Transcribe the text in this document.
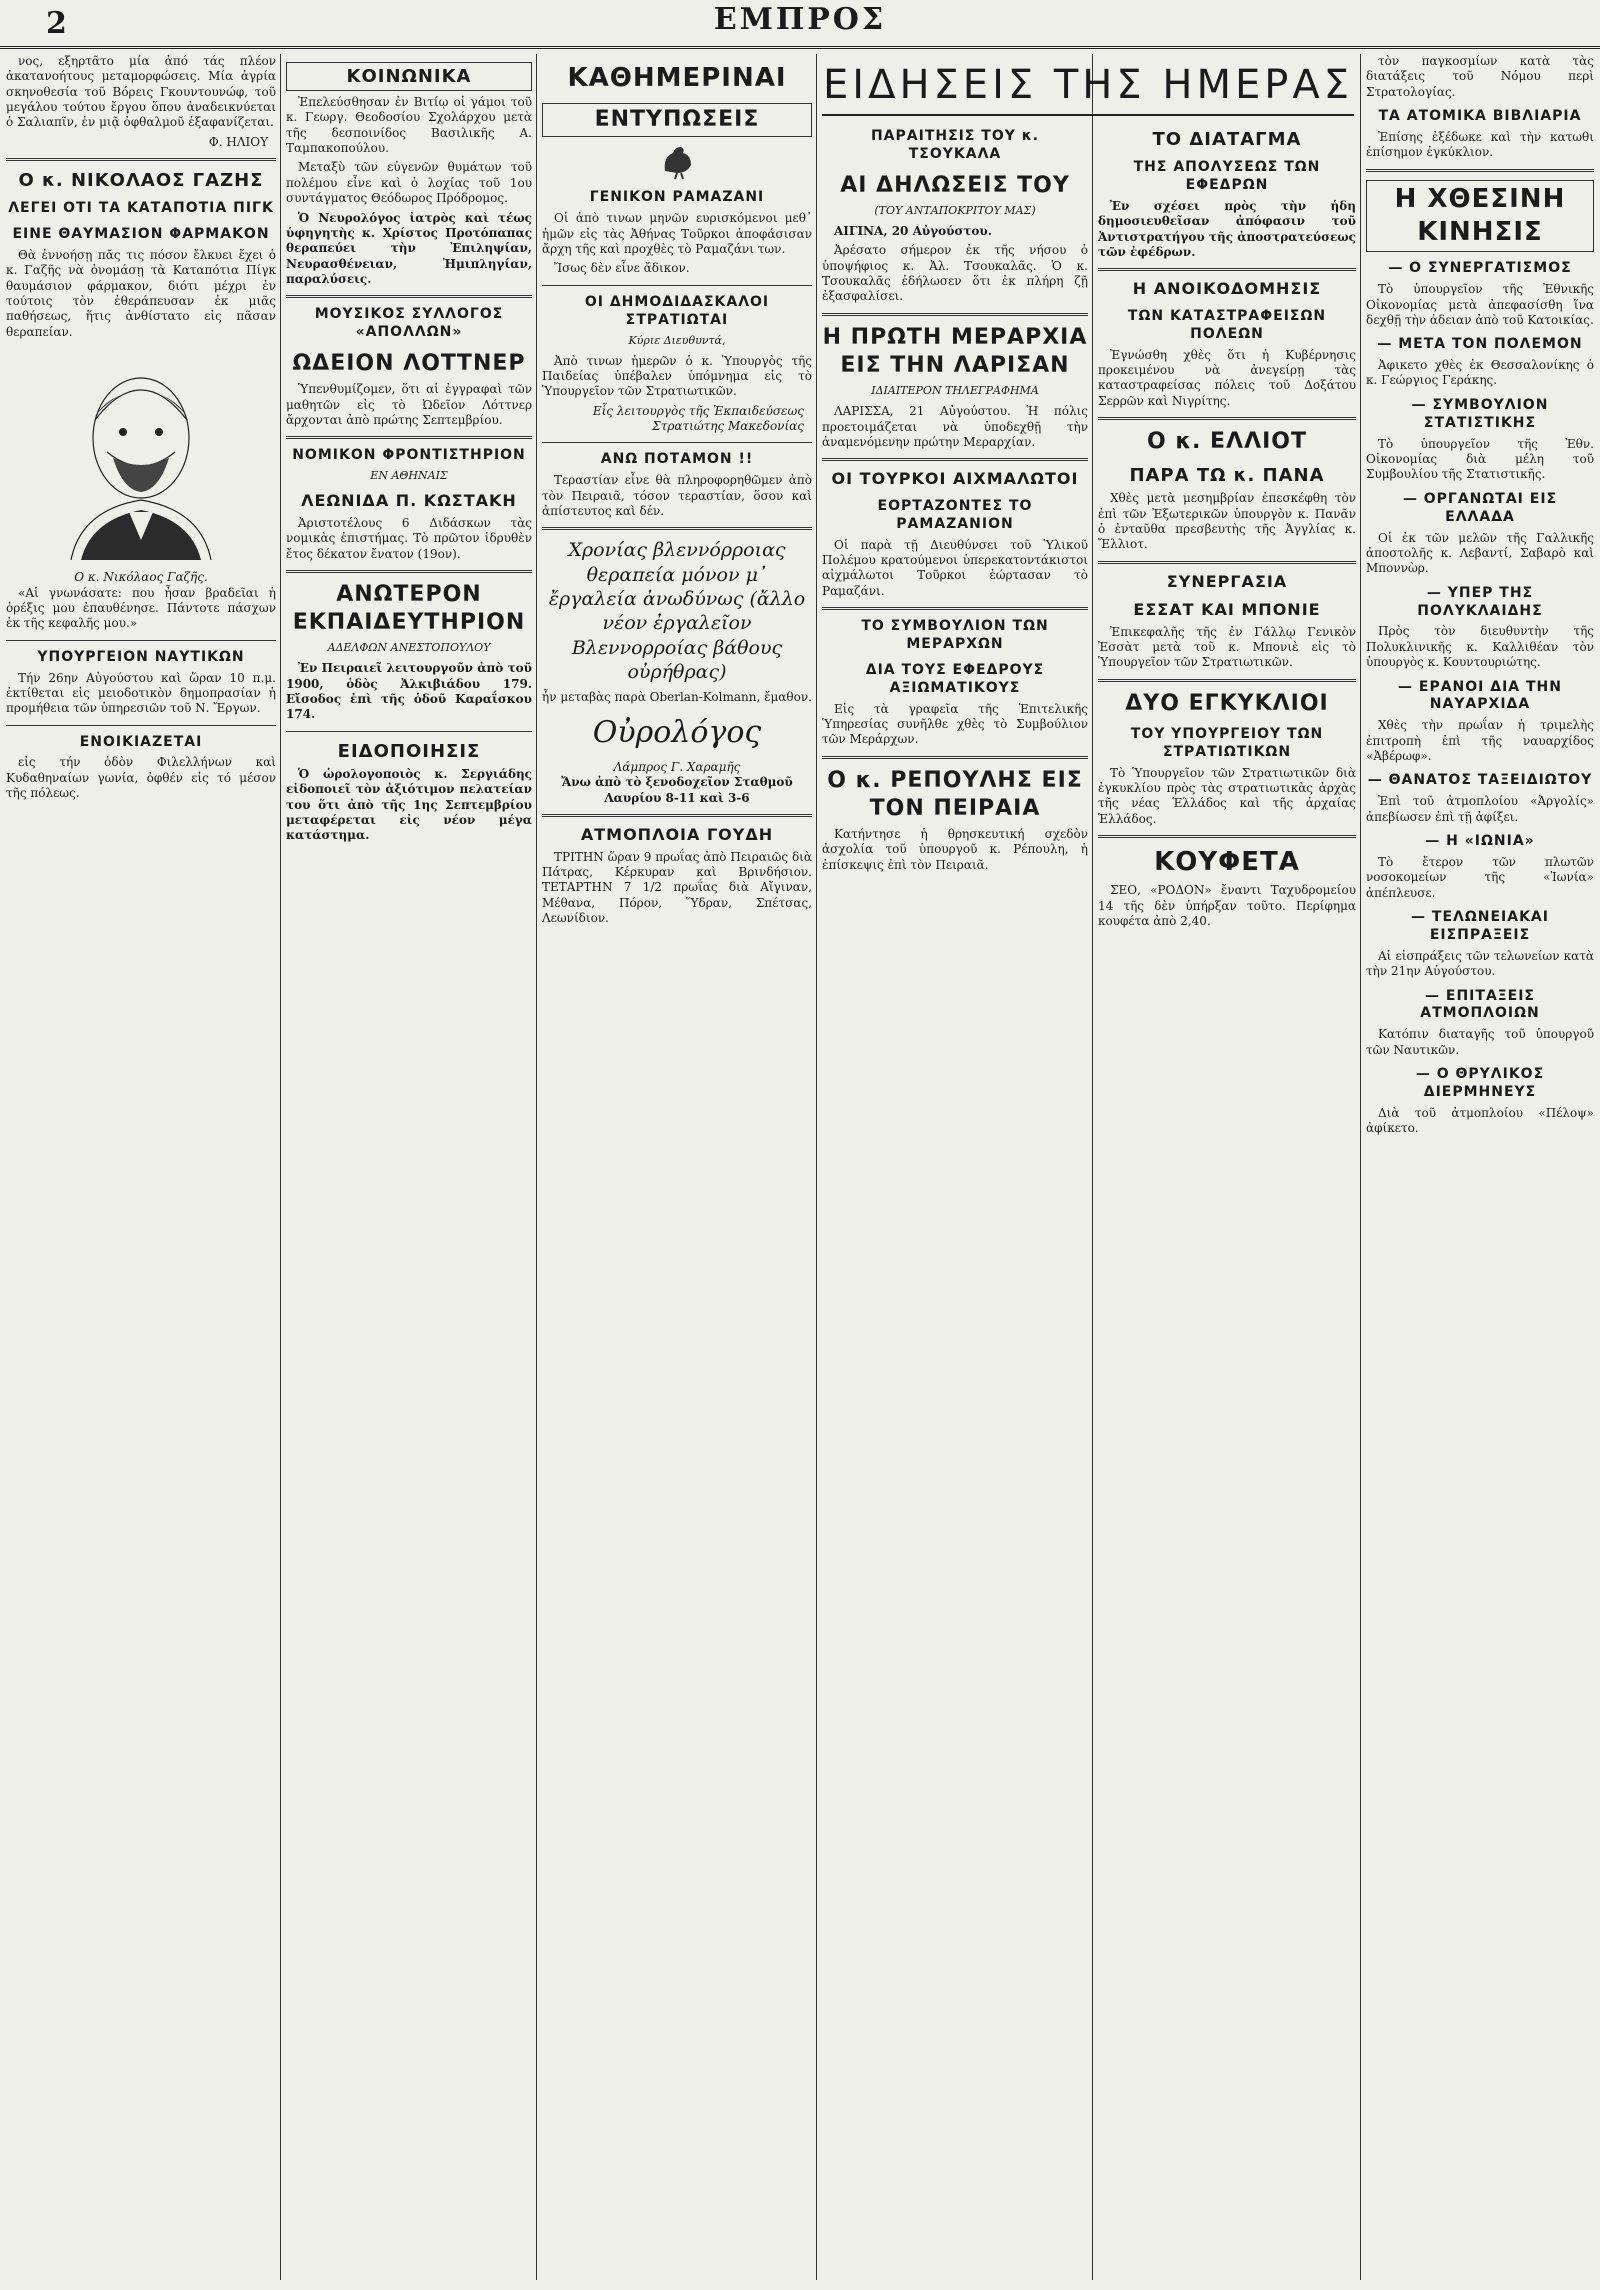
2	ΕΜΠΡΟΣ

νος, εξηρτᾶτο μία ἀπό τάς πλέον ἀκατανοήτους μεταμορφώσεις. Μία ἀγρία σκηνοθεσία τοῦ Βόρεις Γκουντουνώφ, τοῦ μεγάλου τούτου ἔργου ὅπου ἀναδεικνύεται ὁ Σαλιαπῖν, ἐν μιᾷ ὀφθαλμοῦ ἐξαφανίζεται.

Φ. ΗΛΙΟΥ
Ο κ. ΝΙΚΟΛΑΟΣ ΓΑΖΗΣ
ΛΕΓΕΙ ΟΤΙ ΤΑ ΚΑΤΑΠΟΤΙΑ ΠΙΓΚ
ΕΙΝΕ ΘΑΥΜΑΣΙΟΝ ΦΑΡΜΑΚΟΝ

Θὰ ἐννοήσῃ πᾶς τις πόσον ἔλκυει ἔχει ὁ κ. Γαζῆς νὰ ὁνομάσῃ τὰ Καταπότια Πίγκ θαυμάσιον φάρμακον, διότι μέχρι ἐν τούτοις τὸν ἐθεράπευσαν ἐκ μιᾶς παθήσεως, ἥτις ἀνθίστατο εἰς πᾶσαν θεραπείαν.

Ο κ. Νικόλαος Γαζῆς.

«Αἱ γνωνάσατε: που ἦσαν βραδεῖαι ἡ ὀρέξις μου ἐπαυθένησε. Πάντοτε πάσχων ἐκ τῆς κεφαλῆς μου.»

ΥΠΟΥΡΓΕΙΟΝ ΝΑΥΤΙΚΩΝ

Τήν 26ην Αὐγούστου καὶ ὥραν 10 π.μ. ἐκτίθεται εἰς μειοδοτικὸν δημοπρασίαν ἡ προμήθεια τῶν ὑπηρεσιῶν τοῦ Ν. Ἔργων.

ΕΝΟΙΚΙΑΖΕΤΑΙ

εἰς τήν ὁδὸν Φιλελλήνων καὶ Κυδαθηναίων γωνία, ὀφθέν εἰς τό μέσον τῆς πόλεως.

ΚΟΙΝΩΝΙΚΑ

Ἐπελεύσθησαν ἐν Βιτίῳ οἱ γάμοι τοῦ κ. Γεωργ. Θεοδοσίου Σχολάρχου μετὰ τῆς δεσποινίδος Βασιλικῆς Α. Ταμπακοπούλου.

Μεταξὺ τῶν εὐγενῶν θυμάτων τοῦ πολέμου εἶνε καὶ ὁ λοχίας τοῦ 1ου συντάγματος Θεόδωρος Πρόδρομος.

Ὁ Νευρολόγος ἰατρὸς καὶ τέως ὑφηγητὴς κ. Χρίστος Προτόπαπας θεραπεύει τὴν Ἐπιληψίαν, Νευρασθένειαν, Ἠμιπληγίαν, παραλύσεις.

ΜΟΥΣΙΚΟΣ ΣΥΛΛΟΓΟΣ «ΑΠΟΛΛΩΝ»
ΩΔΕΙΟΝ ΛΟΤΤΝΕΡ

Ὑπενθυμίζομεν, ὅτι αἱ ἐγγραφαὶ τῶν μαθητῶν εἰς τὸ Ὠδεῖον Λόττνερ ἄρχονται ἀπὸ πρώτης Σεπτεμβρίου.

ΝΟΜΙΚΟΝ ΦΡΟΝΤΙΣΤΗΡΙΟΝ
ΕΝ ΑΘΗΝΑΙΣ
ΛΕΩΝΙΔΑ Π. ΚΩΣΤΑΚΗ

Ἀριστοτέλους 6 Διδάσκων τὰς νομικὰς ἐπιστήμας. Τὸ πρῶτον ἱδρυθὲν ἔτος δέκατον ἔνατον (19ον).

ΑΝΩΤΕΡΟΝ ΕΚΠΑΙΔΕΥΤΗΡΙΟΝ
ΑΔΕΛΦΩΝ ΑΝΕΣΤΟΠΟΥΛΟΥ

Ἐν Πειραιεῖ λειτουργοῦν ἀπὸ τοῦ 1900, ὁδὸς Ἀλκιβιάδου 179. Εἴσοδος ἐπὶ τῆς ὁδοῦ Καραΐσκου 174.

ΕΙΔΟΠΟΙΗΣΙΣ

Ὁ ὡρολογοποιὸς κ. Σεργιάδης εἰδοποιεῖ τὸν ἀξιότιμον πελατείαν του ὅτι ἀπὸ τῆς 1ης Σεπτεμβρίου μεταφέρεται εἰς νέον μέγα κατάστημα.

ΚΑΘΗΜΕΡΙΝΑΙ
ΕΝΤΥΠΩΣΕΙΣ
ΓΕΝΙΚΟΝ ΡΑΜΑΖΑΝΙ

Οἱ ἀπὸ τινων μηνῶν ευρισκόμενοι μεθ᾽ ἡμῶν εἰς τὰς Ἀθήνας Τοῦρκοι ἀποφάσισαν ἄρχη τῆς καὶ προχθὲς τὸ Ραμαζάνι των.

Ἴσως δὲν εἶνε ἄδικον.

ΟΙ ΔΗΜΟΔΙΔΑΣΚΑΛΟΙ ΣΤΡΑΤΙΩΤΑΙ
Κύριε Διευθυντά,

Ἀπὸ τινων ἡμερῶν ὁ κ. Ὑπουργὸς τῆς Παιδείας ὑπέβαλεν ὑπόμνημα εἰς τὸ Ὑπουργεῖον τῶν Στρατιωτικῶν.

Εἷς λειτουργὸς τῆς Ἐκπαιδεύσεως Στρατιώτης Μακεδονίας
ΑΝΩ ΠΟΤΑΜΟΝ !!

Τεραστίαν εἶνε θὰ πληροφορηθῶμεν ἀπὸ τὸν Πειραιᾶ, τόσον τεραστίαν, ὅσον καὶ ἀπίστευτος καὶ δέν.

Χρονίας βλεννόρροιας θεραπεία μόνον μ᾽ ἔργαλεία ἀνωδύνως (ἄλλο νέον ἐργαλεῖον Βλεννορροίας βάθους οὐρήθρας)

ἦν μεταβὰς παρὰ Oberlan-Kolmann, ἔμαθον.

Οὐρολόγος
Λάμπρος Γ. Χαραμῆς
Ἄνω ἀπὸ τὸ ξενοδοχεῖον Σταθμοῦ Λαυρίου 8-11 καὶ 3-6
ΑΤΜΟΠΛΟΙΑ ΓΟΥΔΗ

ΤΡΙΤΗΝ ὥραν 9 πρωΐας ἀπὸ Πειραιῶς διὰ Πάτρας, Κέρκυραν καὶ Βρινδήσιον. ΤΕΤΑΡΤΗΝ 7 1/2 πρωΐας διὰ Αἴγιναν, Μέθανα, Πόρον, Ὕδραν, Σπέτσας, Λεωνίδιον.

ΕΙΔΗΣΕΙΣ ΤΗΣ ΗΜΕΡΑΣ
ΠΑΡΑΙΤΗΣΙΣ ΤΟΥ κ. ΤΣΟΥΚΑΛΑ
ΑΙ ΔΗΛΩΣΕΙΣ ΤΟΥ
(ΤΟΥ ΑΝΤΑΠΟΚΡΙΤΟΥ ΜΑΣ)

ΑΙΓΙΝΑ, 20 Αὐγούστου.

Ἀρέσατο σήμερον ἐκ τῆς νήσου ὁ ὑποψήφιος κ. Ἀλ. Τσουκαλᾶς. Ὁ κ. Τσουκαλᾶς ἐδήλωσεν ὅτι ἐκ πλήρη ζῇ ἐξασφαλίσει.

Η ΠΡΩΤΗ ΜΕΡΑΡΧΙΑ ΕΙΣ ΤΗΝ ΛΑΡΙΣΑΝ
ΙΔΙΑΙΤΕΡΟΝ ΤΗΛΕΓΡΑΦΗΜΑ

ΛΑΡΙΣΣΑ, 21 Αὐγούστου. Ἡ πόλις προετοιμάζεται νὰ ὑποδεχθῇ τὴν ἀναμενόμενην πρώτην Μεραρχίαν.

ΟΙ ΤΟΥΡΚΟΙ ΑΙΧΜΑΛΩΤΟΙ
ΕΟΡΤΑΖΟΝΤΕΣ ΤΟ ΡΑΜΑΖΑΝΙΟΝ

Οἱ παρὰ τῇ Διευθύνσει τοῦ Ὑλικοῦ Πολέμου κρατούμενοι ὑπερεκατοντάκιστοι αἰχμάλωτοι Τοῦρκοι ἑώρτασαν τὸ Ραμαζάνι.

ΤΟ ΣΥΜΒΟΥΛΙΟΝ ΤΩΝ ΜΕΡΑΡΧΩΝ
ΔΙΑ ΤΟΥΣ ΕΦΕΔΡΟΥΣ ΑΞΙΩΜΑΤΙΚΟΥΣ

Εἰς τὰ γραφεῖα τῆς Ἐπιτελικῆς Ὑπηρεσίας συνῆλθε χθὲς τὸ Συμβούλιον τῶν Μεράρχων.

Ο κ. ΡΕΠΟΥΛΗΣ ΕΙΣ ΤΟΝ ΠΕΙΡΑΙΑ

Κατήντησε ἡ θρησκευτική σχεδὸν ἀσχολία τοῦ ὑπουργοῦ κ. Ρέπουλη, ἡ ἐπίσκεψις ἐπὶ τὸν Πειραιᾶ.

ΤΟ ΔΙΑΤΑΓΜΑ
ΤΗΣ ΑΠΟΛΥΣΕΩΣ ΤΩΝ ΕΦΕΔΡΩΝ

Ἐν σχέσει πρὸς τὴν ἡδη δημοσιευθεῖσαν ἀπόφασιν τοῦ Ἀντιστρατήγου τῆς ἀποστρατεύσεως τῶν ἐφέδρων.

Η ΑΝΟΙΚΟΔΟΜΗΣΙΣ
ΤΩΝ ΚΑΤΑΣΤΡΑΦΕΙΣΩΝ ΠΟΛΕΩΝ

Ἐγνώσθη χθὲς ὅτι ἡ Κυβέρνησις προκειμένου νὰ ἀνεγείρῃ τὰς καταστραφείσας πόλεις τοῦ Δοξάτου Σερρῶν καὶ Νιγρίτης.

Ο κ. ΕΛΛΙΟΤ
ΠΑΡΑ ΤΩ κ. ΠΑΝΑ

Χθὲς μετὰ μεσημβρίαν ἐπεσκέφθη τὸν ἐπὶ τῶν Ἐξωτερικῶν ὑπουργὸν κ. Πανᾶν ὁ ἐνταῦθα πρεσβευτὴς τῆς Ἀγγλίας κ. Ἔλλιοτ.

ΣΥΝΕΡΓΑΣΙΑ
ΕΣΣΑΤ ΚΑΙ ΜΠΟΝΙΕ

Ἐπικεφαλῆς τῆς ἐν Γάλλῳ Γενικὸν Ἐσσὰτ μετὰ τοῦ κ. Μπονιὲ εἰς τὸ Ὑπουργεῖον τῶν Στρατιωτικῶν.

ΔΥΟ ΕΓΚΥΚΛΙΟΙ
ΤΟΥ ΥΠΟΥΡΓΕΙΟΥ ΤΩΝ ΣΤΡΑΤΙΩΤΙΚΩΝ

Τὸ Ὑπουργεῖον τῶν Στρατιωτικῶν διὰ ἐγκυκλίου πρὸς τὰς στρατιωτικὰς ἀρχὰς τῆς νέας Ἑλλάδος καὶ τῆς ἀρχαίας Ἑλλάδος.

ΚΟΥΦΕΤΑ

ΣΕΟ, «ΡΟΔΟΝ» ἔναντι Ταχυδρομείου 14 τῆς δὲν ὑπήρξαν τοῦτο. Περίφημα κουφέτα ἀπὸ 2,40.

τὸν παγκοσμίων κατὰ τὰς διατάξεις τοῦ Νόμου περὶ Στρατολογίας.

ΤΑ ΑΤΟΜΙΚΑ ΒΙΒΛΙΑΡΙΑ

Ἐπίσης ἐξέδωκε καὶ τὴν κατωθι ἐπίσημον ἐγκύκλιον.

Η ΧΘΕΣΙΝΗ ΚΙΝΗΣΙΣ
— Ο ΣΥΝΕΡΓΑΤΙΣΜΟΣ

Τὸ ὑπουργεῖον τῆς Ἐθνικῆς Οἰκονομίας μετὰ ἀπεφασίσθη ἵνα δεχθῇ τὴν ἀδειαν ἀπὸ τοῦ Κατοικίας.

— ΜΕΤΑ ΤΟΝ ΠΟΛΕΜΟΝ

Ἀφικετο χθὲς ἐκ Θεσσαλονίκης ὁ κ. Γεώργιος Γεράκης.

— ΣΥΜΒΟΥΛΙΟΝ ΣΤΑΤΙΣΤΙΚΗΣ

Τὸ ὑπουργεῖον τῆς Ἐθν. Οἰκονομίας διὰ μέλη τοῦ Συμβουλίου τῆς Στατιστικῆς.

— ΟΡΓΑΝΩΤΑΙ ΕΙΣ ΕΛΛΑΔΑ

Οἱ ἐκ τῶν μελῶν τῆς Γαλλικῆς ἀποστολῆς κ. Λεβαντί, Σαβαρὸ καὶ Μποννὼρ.

— ΥΠΕΡ ΤΗΣ ΠΟΛΥΚΛΑΙΔΗΣ

Πρὸς τὸν διευθυντὴν τῆς Πολυκλινικῆς κ. Καλλιθέαν τὸν ὑπουργὸς κ. Κουντουριώτης.

— ΕΡΑΝΟΙ ΔΙΑ ΤΗΝ ΝΑΥΑΡΧΙΔΑ

Χθὲς τὴν πρωΐαν ἡ τριμελὴς ἐπιτροπὴ ἐπὶ τῆς ναυαρχίδος «Ἀβέρωφ».

— ΘΑΝΑΤΟΣ ΤΑΞΕΙΔΙΩΤΟΥ

Ἐπὶ τοῦ ἀτμοπλοίου «Ἀργολίς» ἀπεβίωσεν ἐπὶ τῇ ἀφίξει.

— Η «ΙΩΝΙΑ»

Τὸ ἔτερον τῶν πλωτῶν νοσοκομείων τῆς «Ἰωνία» ἀπέπλευσε.

— ΤΕΛΩΝΕΙΑΚΑΙ ΕΙΣΠΡΑΞΕΙΣ

Αἱ εἰσπράξεις τῶν τελωνείων κατὰ τὴν 21ην Αὐγούστου.

— ΕΠΙΤΑΞΕΙΣ ΑΤΜΟΠΛΟΙΩΝ

Κατόπιν διαταγῆς τοῦ ὑπουργοῦ τῶν Ναυτικῶν.

— Ο ΘΡΥΛΙΚΟΣ ΔΙΕΡΜΗΝΕΥΣ

Διὰ τοῦ ἀτμοπλοίου «Πέλοψ» ἀφίκετο.
